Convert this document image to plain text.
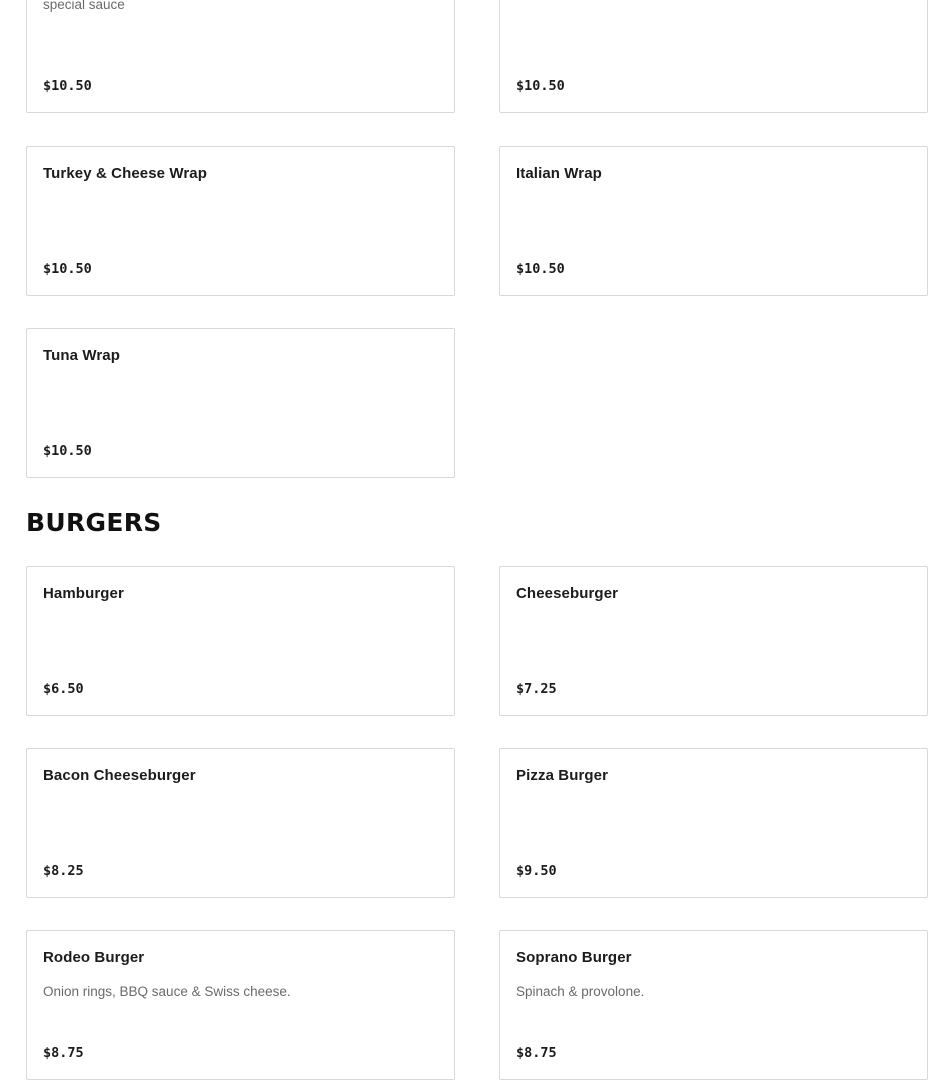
special sauce
$10.50	$10.50
Turkey & Cheese Wrap
$10.50
Italian Wrap
$10.50
Tuna Wrap
$10.50
BURGERS
Hamburger
$6.50
Cheeseburger
$7.25
Bacon Cheeseburger
$8.25
Pizza Burger
$9.50
Rodeo Burger
Onion rings, BBQ sauce & Swiss cheese.
$8.75
Soprano Burger
Spinach & provolone.
$8.75
